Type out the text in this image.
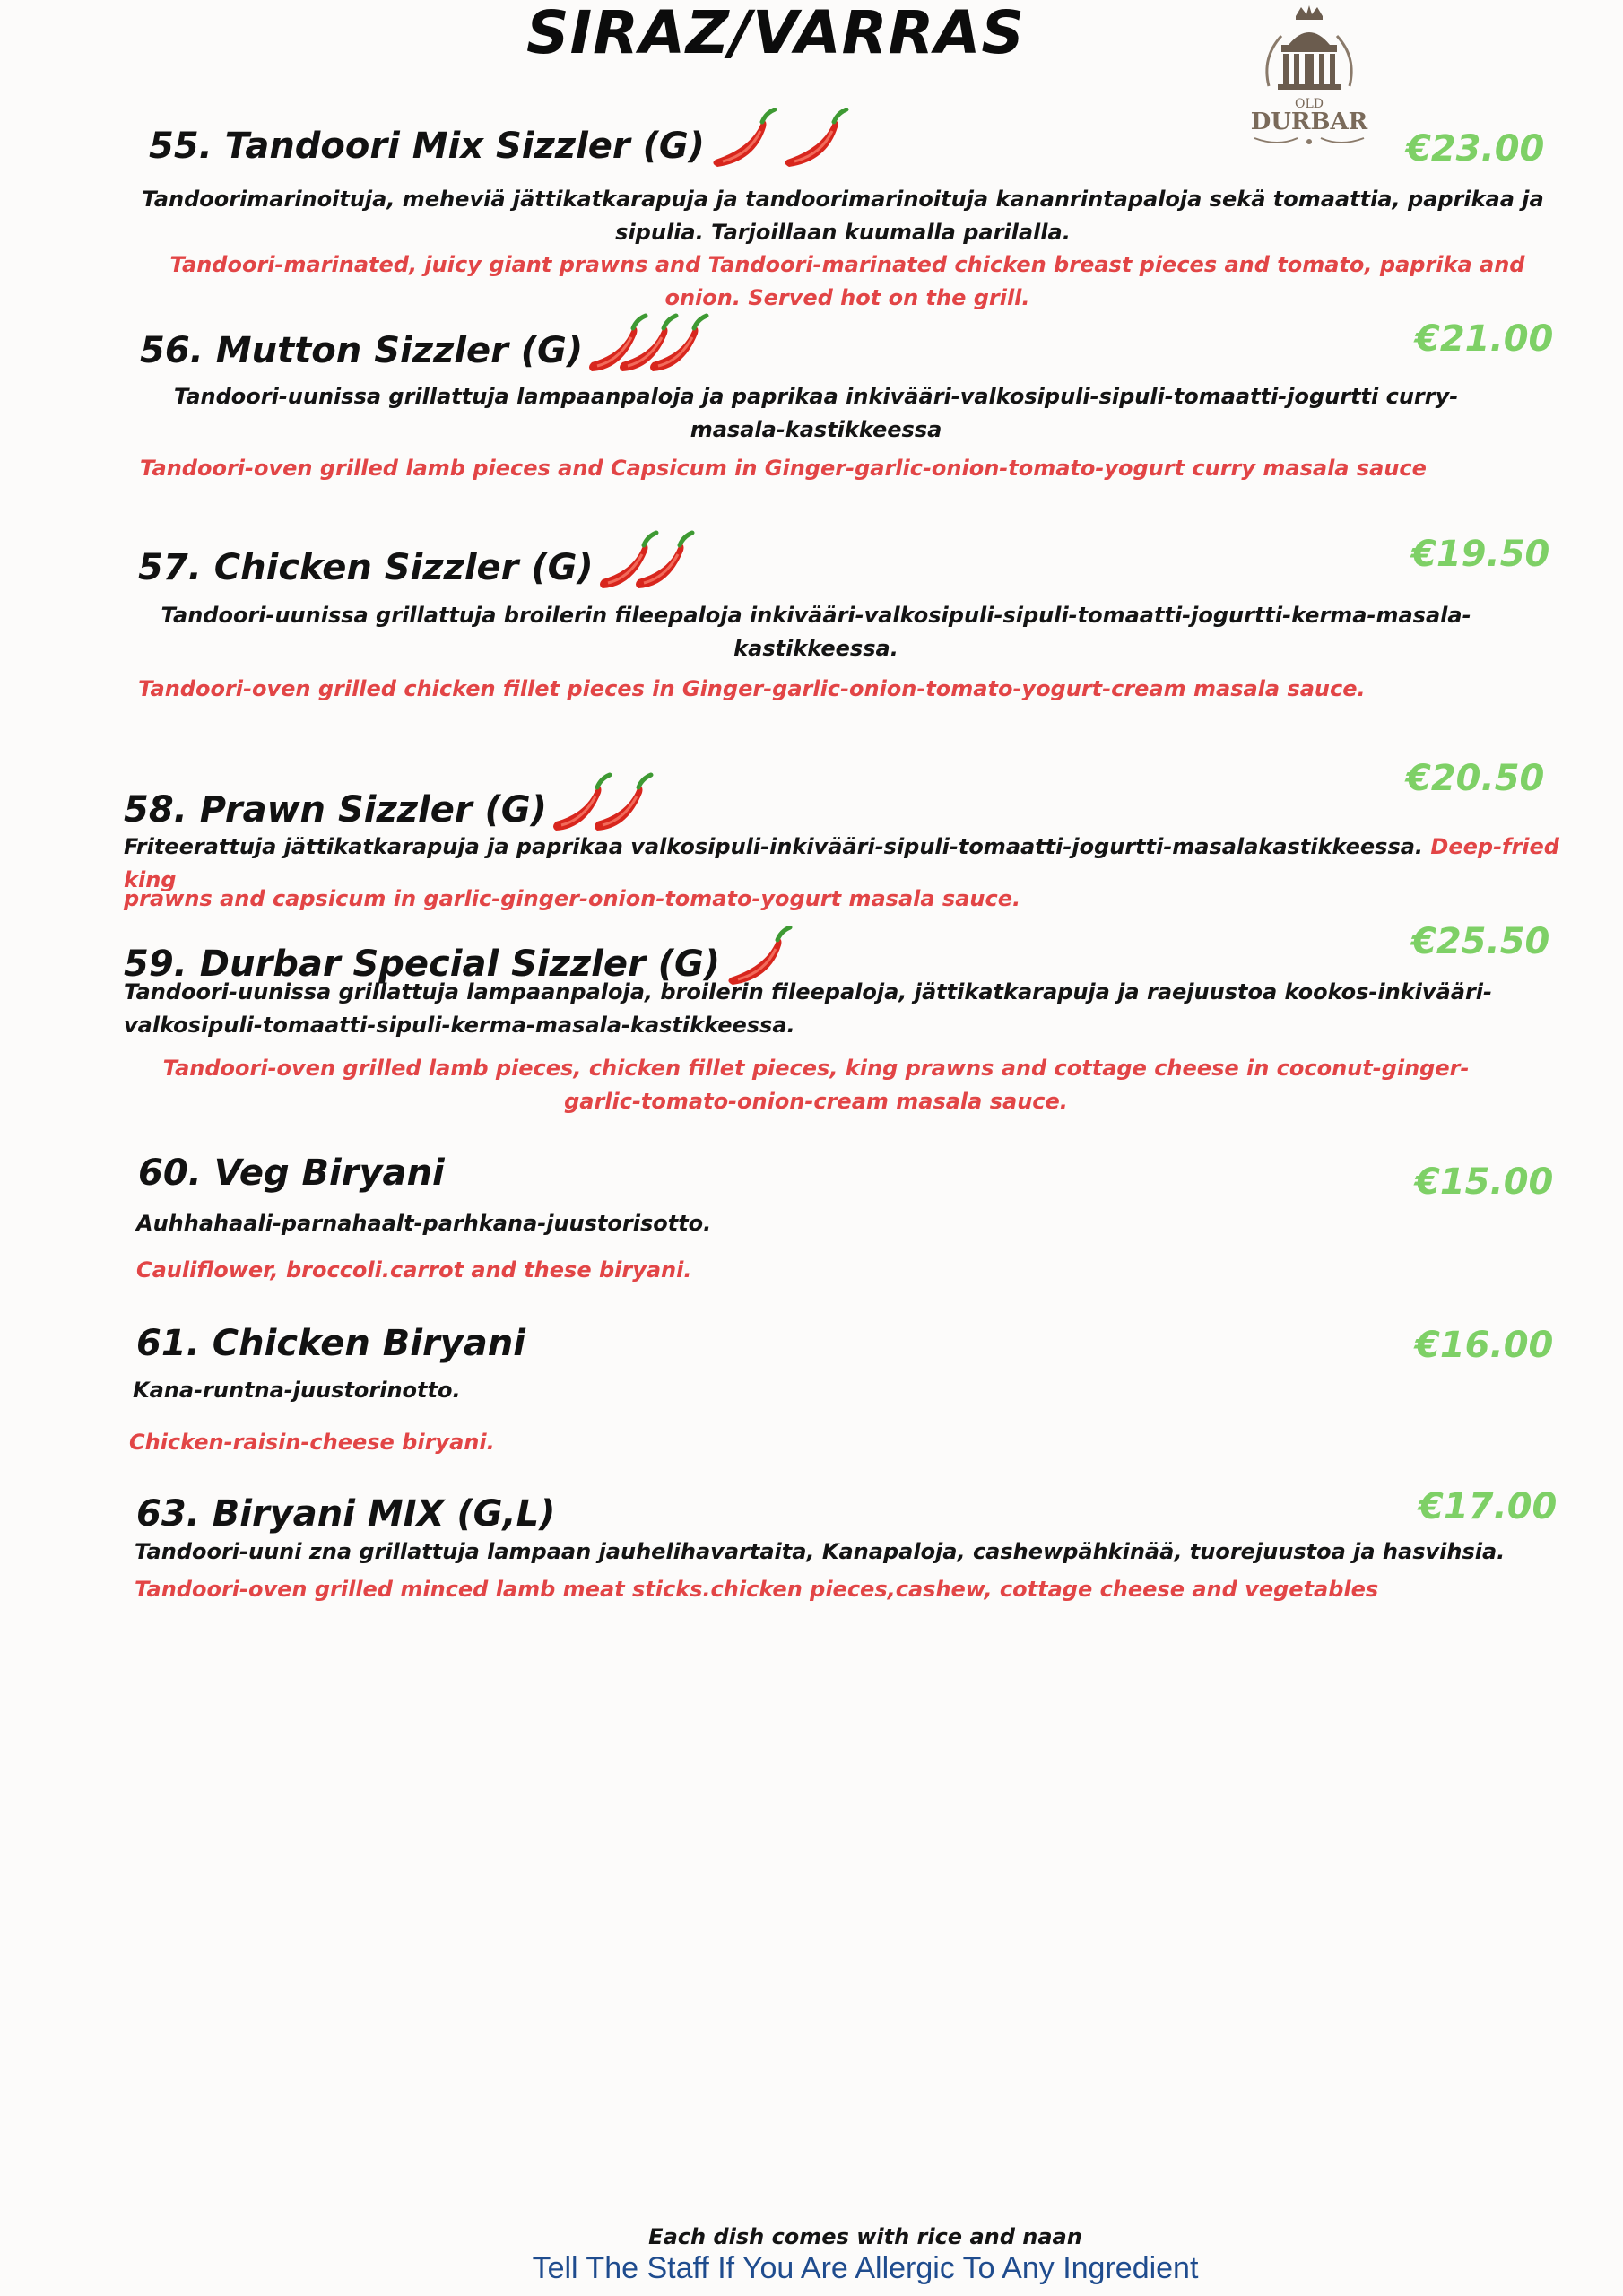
SIRAZ/VARRAS
OLD
DURBAR
55. Tandoori Mix Sizzler (G)	€23.00
Tandoorimarinoituja, meheviä jättikatkarapuja ja tandoorimarinoituja kananrintapaloja sekä tomaattia, paprikaa ja sipulia. Tarjoillaan kuumalla parilalla.
Tandoori-marinated, juicy giant prawns and Tandoori-marinated chicken breast pieces and tomato, paprika and onion. Served hot on the grill.
56. Mutton Sizzler (G)	€21.00
Tandoori-uunissa grillattuja lampaanpaloja ja paprikaa inkivääri-valkosipuli-sipuli-tomaatti-jogurtti curry-masala-kastikkeessa
Tandoori-oven grilled lamb pieces and Capsicum in Ginger-garlic-onion-tomato-yogurt curry masala sauce
57. Chicken Sizzler (G)	€19.50
Tandoori-uunissa grillattuja broilerin fileepaloja inkivääri-valkosipuli-sipuli-tomaatti-jogurtti-kerma-masala-kastikkeessa.
Tandoori-oven grilled chicken fillet pieces in Ginger-garlic-onion-tomato-yogurt-cream masala sauce.
58. Prawn Sizzler (G)
€20.50
Friteerattuja jättikatkarapuja ja paprikaa valkosipuli-inkivääri-sipuli-tomaatti-jogurtti-masalakastikkeessa. Deep-fried king
prawns and capsicum in garlic-ginger-onion-tomato-yogurt masala sauce.
59. Durbar Special Sizzler (G)
€25.50
Tandoori-uunissa grillattuja lampaanpaloja, broilerin fileepaloja, jättikatkarapuja ja raejuustoa kookos-inkivääri-valkosipuli-tomaatti-sipuli-kerma-masala-kastikkeessa.
Tandoori-oven grilled lamb pieces, chicken fillet pieces, king prawns and cottage cheese in coconut-ginger-garlic-tomato-onion-cream masala sauce.
60. Veg Biryani	€15.00
Auhhahaali-parnahaalt-parhkana-juustorisotto.
Cauliflower, broccoli.carrot and these biryani.
61. Chicken Biryani	€16.00
Kana-runtna-juustorinotto.
Chicken-raisin-cheese biryani.
63. Biryani MIX (G,L)	€17.00
Tandoori-uuni zna grillattuja lampaan jauhelihavartaita, Kanapaloja, cashewpähkinää, tuorejuustoa ja hasvihsia.
Tandoori-oven grilled minced lamb meat sticks.chicken pieces,cashew, cottage cheese and vegetables
Each dish comes with rice and naan
Tell The Staff If You Are Allergic To Any Ingredient
